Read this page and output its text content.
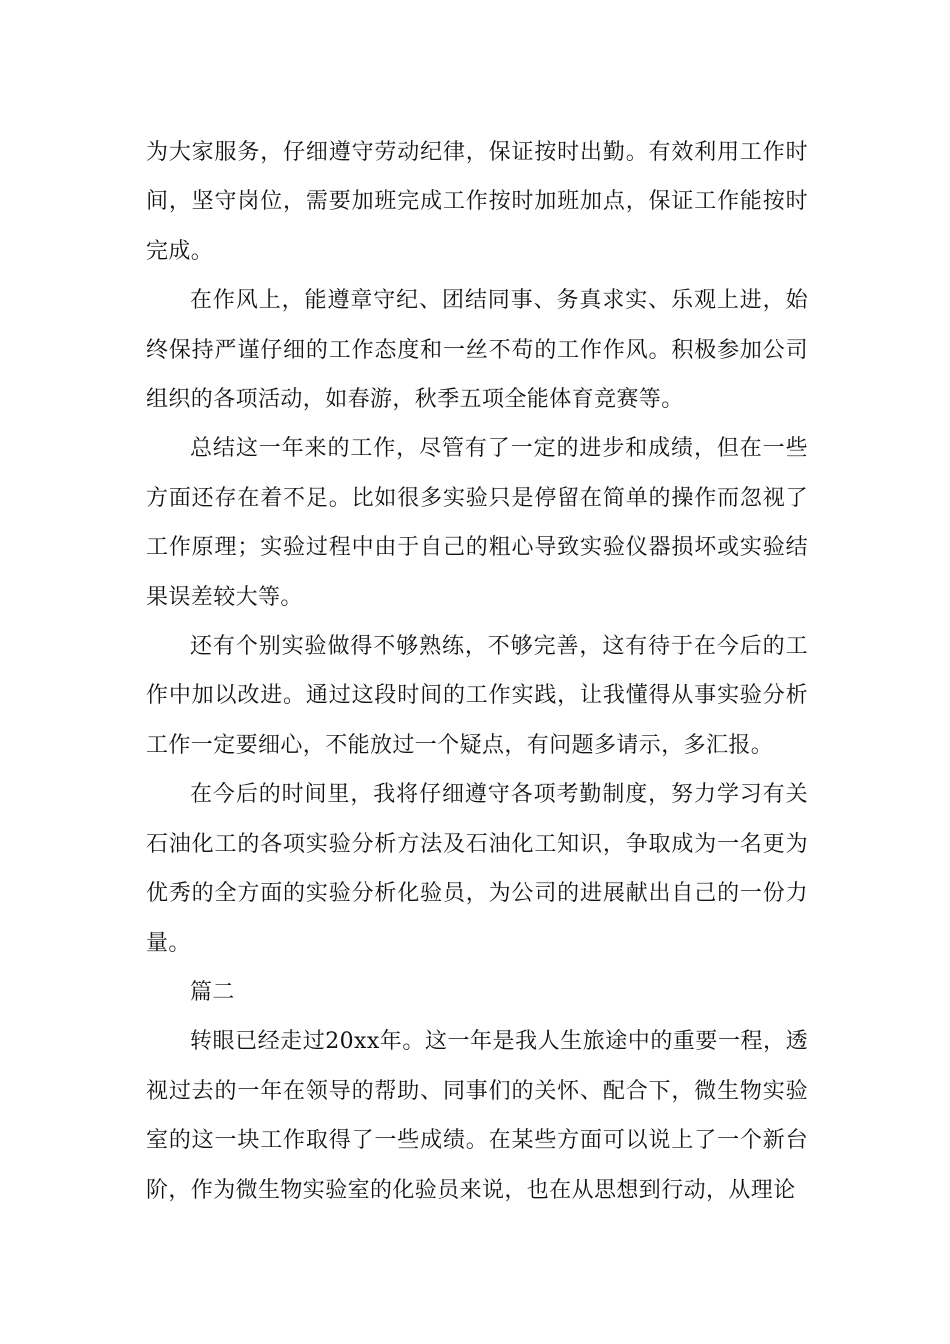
为大家服务，仔细遵守劳动纪律，保证按时出勤。有效利用工作时间，坚守岗位，需要加班完成工作按时加班加点，保证工作能按时完成。

在作风上，能遵章守纪、团结同事、务真求实、乐观上进，始终保持严谨仔细的工作态度和一丝不苟的工作作风。积极参加公司组织的各项活动，如春游，秋季五项全能体育竞赛等。

总结这一年来的工作，尽管有了一定的进步和成绩，但在一些方面还存在着不足。比如很多实验只是停留在简单的操作而忽视了工作原理；实验过程中由于自己的粗心导致实验仪器损坏或实验结果误差较大等。

还有个别实验做得不够熟练，不够完善，这有待于在今后的工作中加以改进。通过这段时间的工作实践，让我懂得从事实验分析工作一定要细心，不能放过一个疑点，有问题多请示，多汇报。

在今后的时间里，我将仔细遵守各项考勤制度，努力学习有关石油化工的各项实验分析方法及石油化工知识，争取成为一名更为优秀的全方面的实验分析化验员，为公司的进展献出自己的一份力量。

篇二

转眼已经走过20xx年。这一年是我人生旅途中的重要一程，透视过去的一年在领导的帮助、同事们的关怀、配合下，微生物实验室的这一块工作取得了一些成绩。在某些方面可以说上了一个新台阶，作为微生物实验室的化验员来说，也在从思想到行动，从理论
